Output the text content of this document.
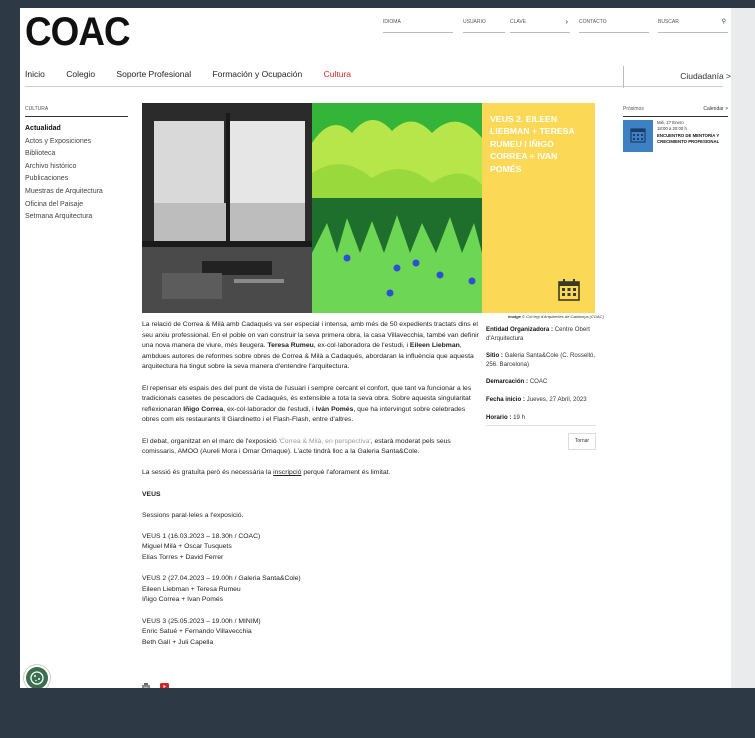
COAC	IDIOMA	USUARIO	CLAVE	› CONTACTO	BUSCAR	⚲
Inicio	Colegio	Soporte Profesional	Formación y Ocupación	Cultura	Ciudadanía >
CULTURA
Actualidad
Actos y Exposiciones
Biblioteca
Archivo histórico
Publicaciones
Muestras de Arquitectura
Oficina del Paisaje
Setmana Arquitectura
VEUS 2. EILEEN LIEBMAN + TERESA RUMEU I IÑIGO CORREA + IVAN POMÉS
Imatge © Col·legi d'Arquitectes de Catalunya (COAC)

La relació de Correa & Milà amb Cadaqués va ser especial i intensa, amb més de 50 expedients tractats dins el seu arxiu professional. En el poble on van construir la seva primera obra, la casa Villavecchia, també van definir una nova manera de viure, més lleugera. Teresa Rumeu, ex-col·laboradora de l'estudi, i Eileen Liebman, ambdues autores de reformes sobre obres de Correa & Milà a Cadaqués, abordaran la influència que aquesta arquitectura ha tingut sobre la seva manera d'entendre l'arquitectura.

El repensar els espais des del punt de vista de l'usuari i sempre cercant el confort, que tant va funcionar a les tradicionals casetes de pescadors de Cadaqués, és extensible a tota la seva obra. Sobre aquesta singularitat reflexionaran Iñigo Correa, ex-col·laborador de l'estudi, i Iván Pomés, que ha intervingut sobre celebrades obres com els restaurants Il Giardinetto i el Flash-Flash, entre d'altres.

El debat, organitzat en el marc de l'exposició 'Correa & Milà, en perspectiva', estarà moderat pels seus comissaris, AMOO (Aureli Mora i Omar Ornaque). L'acte tindrà lloc a la Galeria Santa&Cole.

La sessió és gratuïta però és necessària la inscripció perquè l'aforament és limitat.

VEUS

Sessions paral·leles a l'exposició.

VEUS 1 (16.03.2023 – 18.30h / COAC)
Miguel Milà + Oscar Tusquets
Elías Torres + David Ferrer

VEUS 2 (27.04.2023 – 19.00h / Galeria Santa&Cole)
Eileen Liebman + Teresa Rumeu
Iñigo Correa + Ivan Pomés

VEUS 3 (25.05.2023 – 19.00h / MINIM)
Enric Satué + Fernando Villavecchia
Beth Galí + Juli Capella

Entidad Organizadora : Centre Obert d'Arquitectura
Sitio : Galeria Santa&Cole (C. Rosselló, 256. Barcelona)
Demarcación : COAC
Fecha inicio : Jueves, 27 Abril, 2023
Horario : 19 h
Tornar
Próximos	Calendar >
Mié, 27 Enero
18:00 a 20:00 h
ENCUENTRO DE MENTORÍA Y CRECIMIENTO PROFESIONAL
